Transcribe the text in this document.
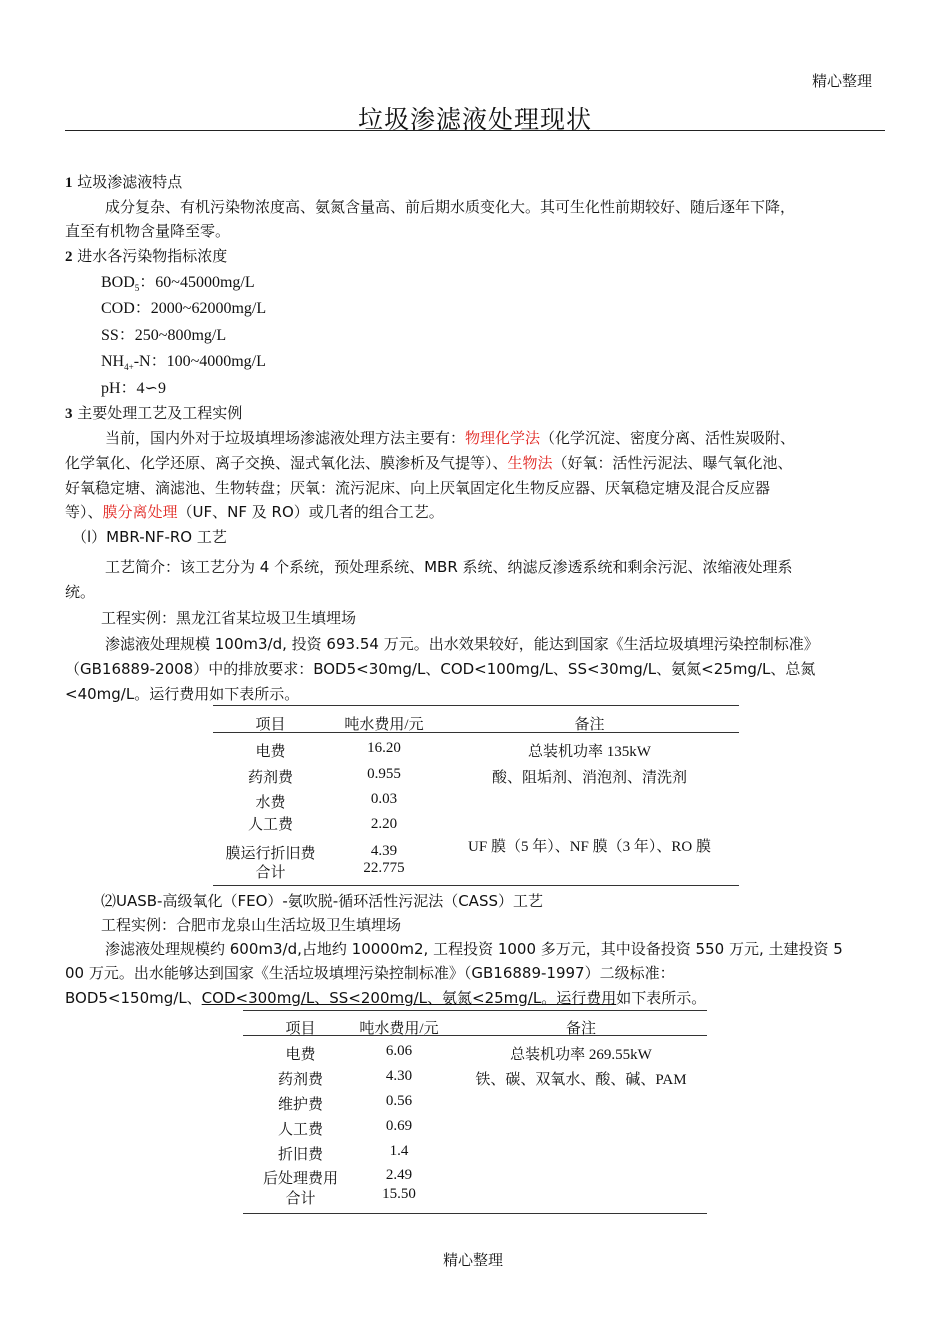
精心整理
垃圾渗滤液处理现状
1 垃圾渗滤液特点
成分复杂、有机污染物浓度高、氨氮含量高、前后期水质变化大。其可生化性前期较好、随后逐年下降，
直至有机物含量降至零。
2 进水各污染物指标浓度
$BOD_5$：60~45000mg/L
COD：2000~62000mg/L
SS：250~800mg/L
$NH_{4+}-N$：100~4000mg/L
pH：4∽9
3 主要处理工艺及工程实例
当前，国内外对于垃圾填埋场渗滤液处理方法主要有：物理化学法（化学沉淀、密度分离、活性炭吸附、
化学氧化、化学还原、离子交换、湿式氧化法、膜渗析及气提等）、生物法（好氧：活性污泥法、曝气氧化池、
好氧稳定塘、滴滤池、生物转盘；厌氧：流污泥床、向上厌氧固定化生物反应器、厌氧稳定塘及混合反应器
等）、膜分离处理（UF、NF 及 RO）或几者的组合工艺。
（l）MBR-NF-RO 工艺
工艺简介：该工艺分为 4 个系统，预处理系统、MBR 系统、纳滤反渗透系统和剩余污泥、浓缩液处理系
统。
工程实例：黑龙江省某垃圾卫生填埋场
渗滤液处理规模 100m3/d, 投资 693.54 万元。出水效果较好，能达到国家《生活垃圾填埋污染控制标准》
（GB16889-2008）中的排放要求：BOD5<30mg/L、COD<100mg/L、SS<30mg/L、氨氮<25mg/L、总氮
<40mg/L。运行费用如下表所示。
项目	吨水费用/元	备注
电费	16.20	总装机功率 135kW
药剂费	0.955	酸、阻垢剂、消泡剂、清洗剂
水费	0.03
人工费	2.20
膜运行折旧费	4.39	UF 膜（5 年）、NF 膜（3 年）、RO 膜
合计	22.775
⑵UASB-高级氧化（FEO）-氨吹脱-循环活性污泥法（CASS）工艺
工程实例：合肥市龙泉山生活垃圾卫生填埋场
渗滤液处理规模约 600m3/d,占地约 10000m2, 工程投资 1000 多万元，其中设备投资 550 万元, 土建投资 5
00 万元。出水能够达到国家《生活垃圾填埋污染控制标准》（GB16889-1997）二级标准：
BOD5<150mg/L、COD<300mg/L、SS<200mg/L、氨氮<25mg/L。运行费用如下表所示。
项目	吨水费用/元	备注
电费	6.06	总装机功率 269.55kW
药剂费	4.30	铁、碳、双氧水、酸、碱、PAM
维护费	0.56
人工费	0.69
折旧费	1.4
后处理费用	2.49
合计	15.50
精心整理
